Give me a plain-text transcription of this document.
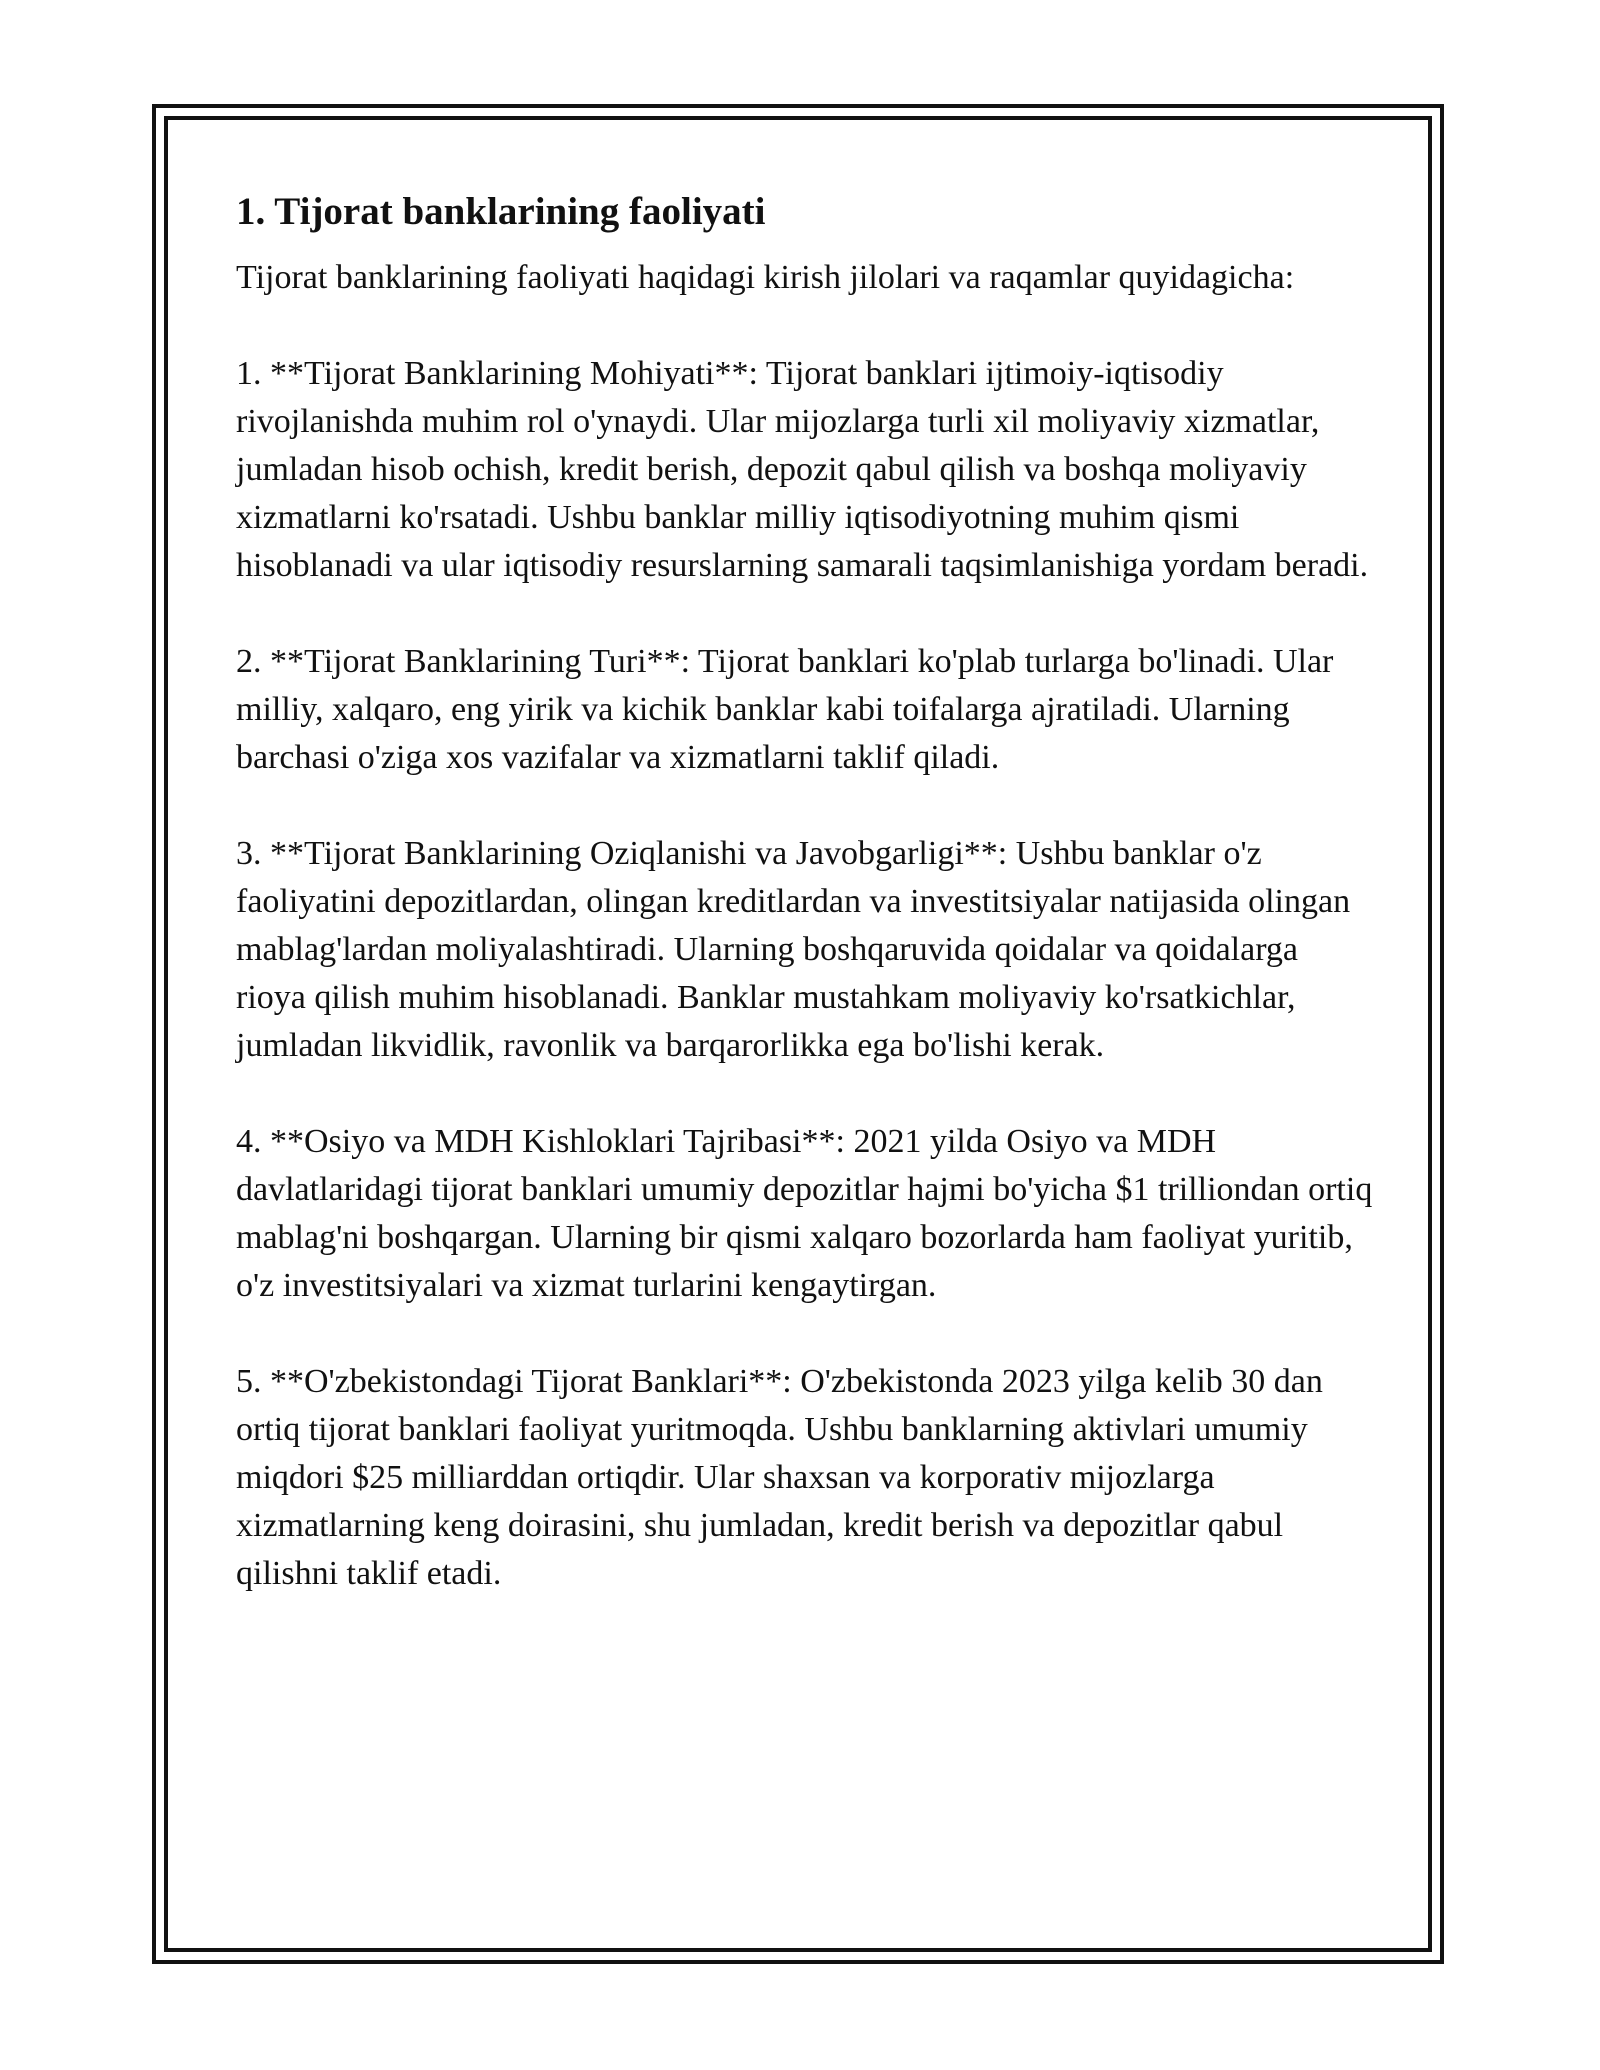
1. Tijorat banklarining faoliyati

Tijorat banklarining faoliyati haqidagi kirish jilolari va raqamlar quyidagicha:

1. **Tijorat Banklarining Mohiyati**: Tijorat banklari ijtimoiy-iqtisodiy rivojlanishda muhim rol o'ynaydi. Ular mijozlarga turli xil moliyaviy xizmatlar, jumladan hisob ochish, kredit berish, depozit qabul qilish va boshqa moliyaviy xizmatlarni ko'rsatadi. Ushbu banklar milliy iqtisodiyotning muhim qismi hisoblanadi va ular iqtisodiy resurslarning samarali taqsimlanishiga yordam beradi.

2. **Tijorat Banklarining Turi**: Tijorat banklari ko'plab turlarga bo'linadi. Ular milliy, xalqaro, eng yirik va kichik banklar kabi toifalarga ajratiladi. Ularning barchasi o'ziga xos vazifalar va xizmatlarni taklif qiladi.

3. **Tijorat Banklarining Oziqlanishi va Javobgarligi**: Ushbu banklar o'z faoliyatini depozitlardan, olingan kreditlardan va investitsiyalar natijasida olingan mablag'lardan moliyalashtiradi. Ularning boshqaruvida qoidalar va qoidalarga rioya qilish muhim hisoblanadi. Banklar mustahkam moliyaviy ko'rsatkichlar, jumladan likvidlik, ravonlik va barqarorlikka ega bo'lishi kerak.

4. **Osiyo va MDH Kishloklari Tajribasi**: 2021 yilda Osiyo va MDH davlatlaridagi tijorat banklari umumiy depozitlar hajmi bo'yicha $1 trilliondan ortiq mablag'ni boshqargan. Ularning bir qismi xalqaro bozorlarda ham faoliyat yuritib, o'z investitsiyalari va xizmat turlarini kengaytirgan.

5. **O'zbekistondagi Tijorat Banklari**: O'zbekistonda 2023 yilga kelib 30 dan ortiq tijorat banklari faoliyat yuritmoqda. Ushbu banklarning aktivlari umumiy miqdori $25 milliarddan ortiqdir. Ular shaxsan va korporativ mijozlarga xizmatlarning keng doirasini, shu jumladan, kredit berish va depozitlar qabul qilishni taklif etadi.
